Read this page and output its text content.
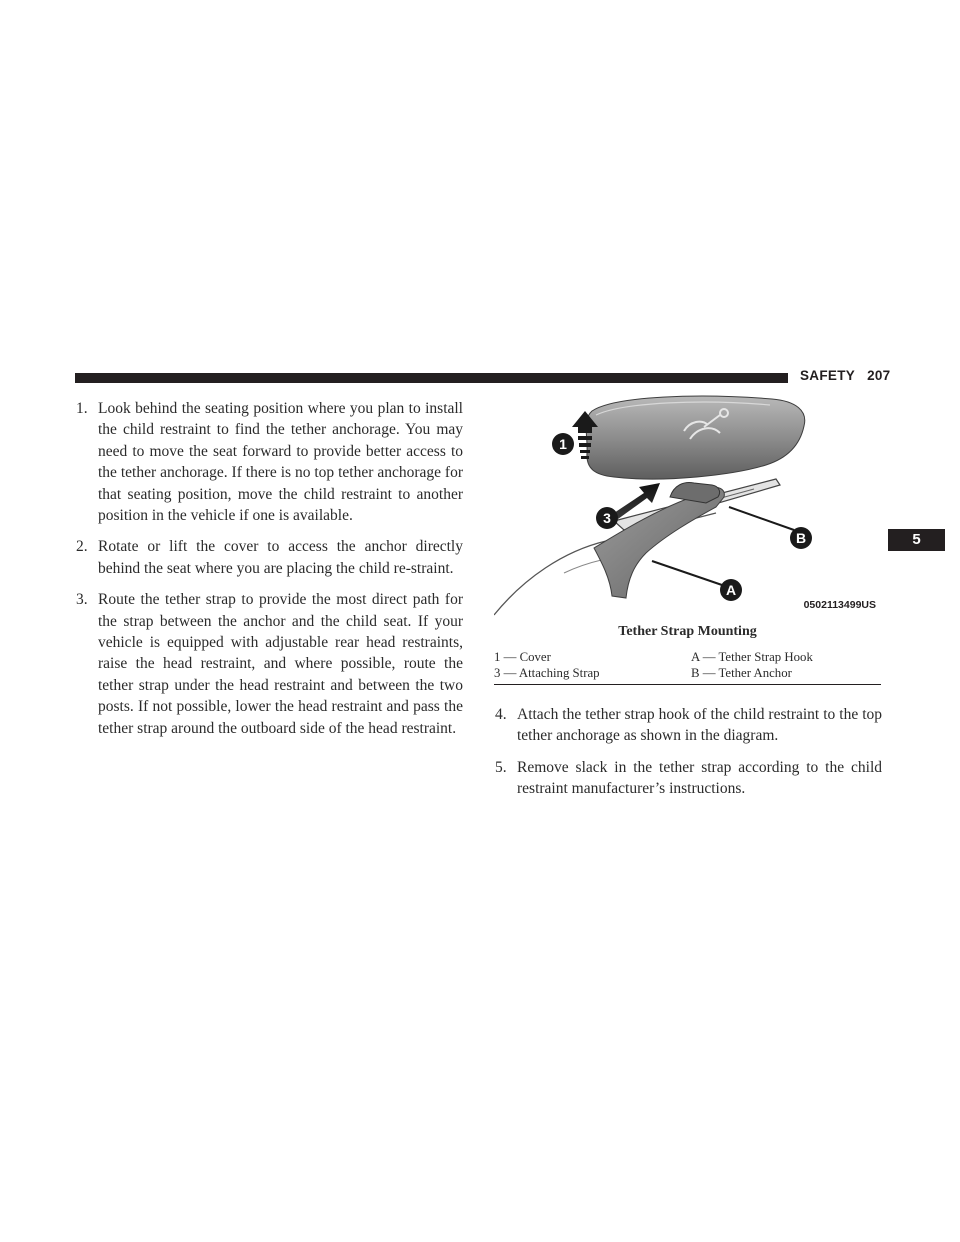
SAFETY 207
5
1. Look behind the seating position where you plan to install the child restraint to find the tether anchorage. You may need to move the seat forward to provide better access to the tether anchorage. If there is no top tether anchorage for that seating position, move the child restraint to another position in the vehicle if one is available.
2. Rotate or lift the cover to access the anchor directly behind the seat where you are placing the child re-straint.
3. Route the tether strap to provide the most direct path for the strap between the anchor and the child seat. If your vehicle is equipped with adjustable rear head restraints, raise the head restraint, and where possible, route the tether strap under the head restraint and between the two posts. If not possible, lower the head restraint and pass the tether strap around the outboard side of the head restraint.
1
3
B
A
0502113499US
Tether Strap Mounting
1 — Cover	A — Tether Strap Hook
3 — Attaching Strap	B — Tether Anchor
4. Attach the tether strap hook of the child restraint to the top tether anchorage as shown in the diagram.
5. Remove slack in the tether strap according to the child restraint manufacturer’s instructions.
